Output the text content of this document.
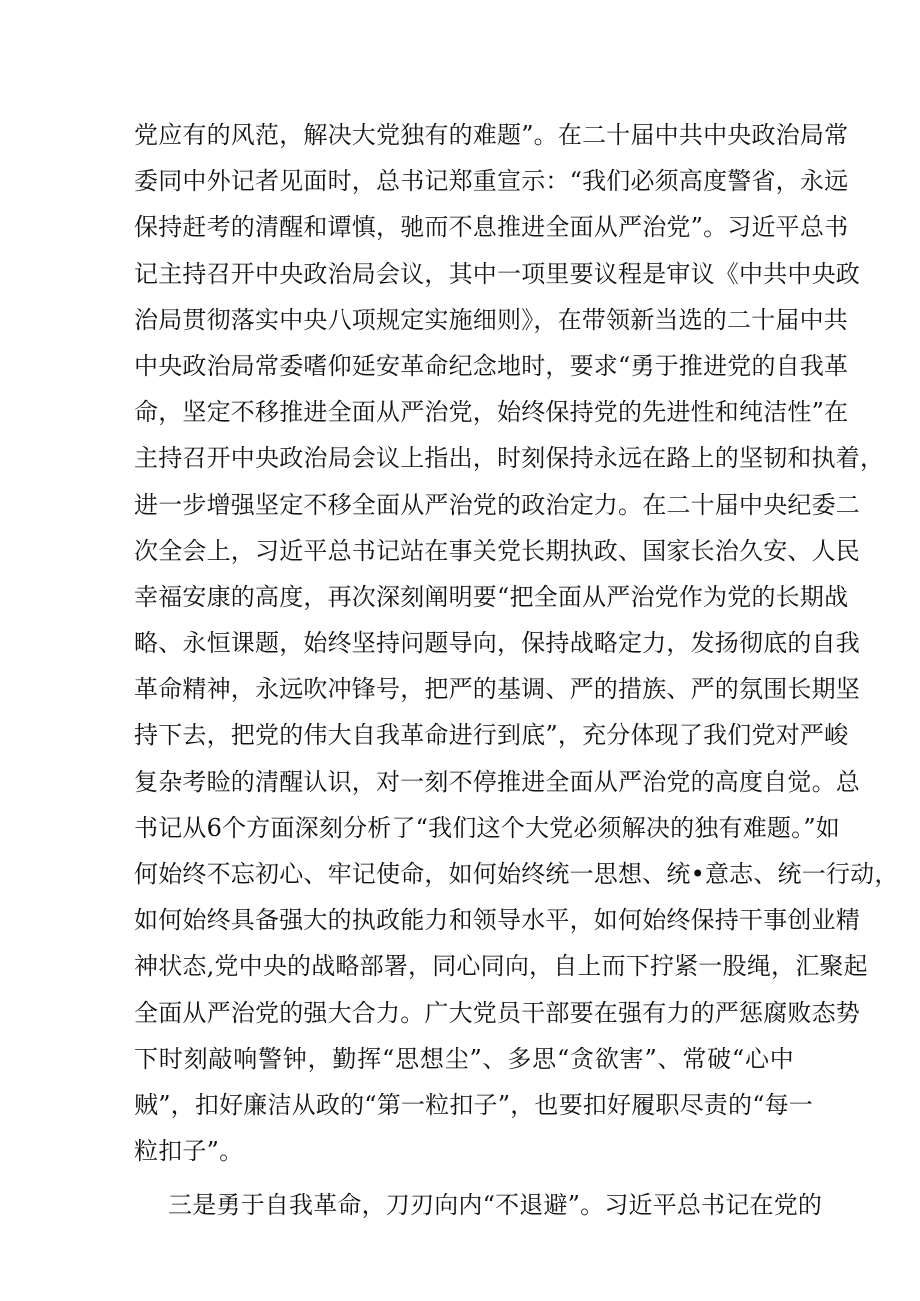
党应有的风范，解决大党独有的难题”。在二十届中共中央政治局常
委同中外记者见面时，总书记郑重宣示：“我们必须高度警省，永远
保持赶考的清醒和谭慎，驰而不息推进全面从严治党”。习近平总书
记主持召开中央政治局会议，其中一项里要议程是审议《中共中央政
治局贯彻落实中央八项规定实施细则》，在带领新当选的二十届中共
中央政治局常委嗜仰延安革命纪念地时，要求“勇于推进党的自我革
命，坚定不移推进全面从严治党，始终保持党的先进性和纯洁性”在
主持召开中央政治局会议上指出，时刻保持永远在路上的坚韧和执着，
进一步增强坚定不移全面从严治党的政治定力。在二十届中央纪委二
次全会上，习近平总书记站在事关党长期执政、国家长治久安、人民
幸福安康的高度，再次深刻阐明要“把全面从严治党作为党的长期战
略、永恒课题，始终坚持问题导向，保持战略定力，发扬彻底的自我
革命精神，永远吹冲锋号，把严的基调、严的措族、严的氛围长期坚
持下去，把党的伟大自我革命进行到底”，充分体现了我们党对严峻
复杂考睑的清醒认识，对一刻不停推进全面从严治党的高度自觉。总
书记从6个方面深刻分析了“我们这个大党必须解决的独有难题。”如
何始终不忘初心、牢记使命，如何始终统一思想、统•意志、统一行动，
如何始终具备强大的执政能力和领导水平，如何始终保持干事创业精
神状态,党中央的战略部署，同心同向，自上而下拧紧一股绳，汇聚起
全面从严治党的强大合力。广大党员干部要在强有力的严惩腐败态势
下时刻敲响警钟，勤挥“思想尘”、多思“贪欲害”、常破“心中
贼”，扣好廉洁从政的“第一粒扣子”，也要扣好履职尽责的“每一
粒扣子”。
三是勇于自我革命，刀刃向内“不退避”。习近平总书记在党的
